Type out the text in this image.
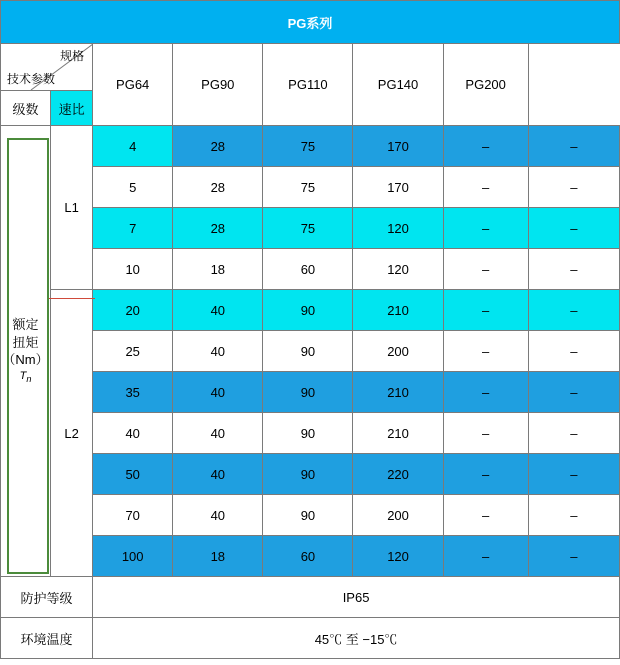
PG系列							

技术参数
规格		PG64	PG90	PG110	PG140	PG200	
级数	速比						

额定
扭矩
（Nm）
$T_n$	L1	4	28	75	170	–	–
		5	28	75	170	–	–
		7	28	75	120	–	–
		10	18	60	120	–	–
	L2	20	40	90	210	–	–
		25	40	90	200	–	–
		35	40	90	210	–	–
		40	40	90	210	–	–
		50	40	90	220	–	–
		70	40	90	200	–	–
		100	18	60	120	–	–
防护等级		IP65					
环境温度		45℃ 至 −15℃					
